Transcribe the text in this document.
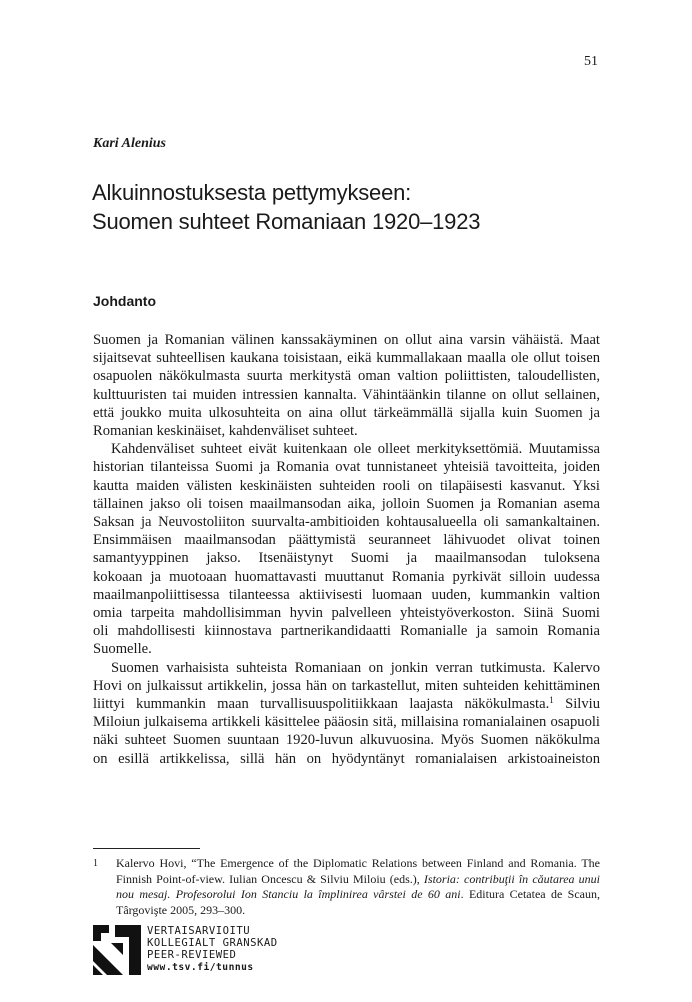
51
Kari Alenius
Alkuinnostuksesta pettymykseen:
Suomen suhteet Romaniaan 1920–1923
Johdanto

Suomen ja Romanian välinen kanssakäyminen on ollut aina varsin vähäistä. Maat

sijaitsevat suhteellisen kaukana toisistaan, eikä kummallakaan maalla ole ollut toisen

osapuolen näkökulmasta suurta merkitystä oman valtion poliittisten, taloudellisten,

kulttuuristen tai muiden intressien kannalta. Vähintäänkin tilanne on ollut sellainen,

että joukko muita ulkosuhteita on aina ollut tärkeämmällä sijalla kuin Suomen ja

Romanian keskinäiset, kahdenväliset suhteet.

Kahdenväliset suhteet eivät kuitenkaan ole olleet merkityksettömiä. Muutamissa

historian tilanteissa Suomi ja Romania ovat tunnistaneet yhteisiä tavoitteita, joiden

kautta maiden välisten keskinäisten suhteiden rooli on tilapäisesti kasvanut. Yksi

tällainen jakso oli toisen maailmansodan aika, jolloin Suomen ja Romanian asema

Saksan ja Neuvostoliiton suurvalta-ambitioiden kohtausalueella oli samankaltainen.

Ensimmäisen maailmansodan päättymistä seuranneet lähivuodet olivat toinen

samantyyppinen jakso. Itsenäistynyt Suomi ja maailmansodan tuloksena

kokoaan ja muotoaan huomattavasti muuttanut Romania pyrkivät silloin uudessa

maailmanpoliittisessa tilanteessa aktiivisesti luomaan uuden, kummankin valtion

omia tarpeita mahdollisimman hyvin palvelleen yhteistyöverkoston. Siinä Suomi

oli mahdollisesti kiinnostava partnerikandidaatti Romanialle ja samoin Romania

Suomelle.

Suomen varhaisista suhteista Romaniaan on jonkin verran tutkimusta. Kalervo

Hovi on julkaissut artikkelin, jossa hän on tarkastellut, miten suhteiden kehittäminen

liittyi kummankin maan turvallisuuspolitiikkaan laajasta näkökulmasta.$^1$ Silviu

Miloiun julkaisema artikkeli käsittelee pääosin sitä, millaisina romanialainen osapuoli

näki suhteet Suomen suuntaan 1920-luvun alkuvuosina. Myös Suomen näkökulma

on esillä artikkelissa, sillä hän on hyödyntänyt romanialaisen arkistoaineiston

1 Kalervo Hovi, “The Emergence of the Diplomatic Relations between Finland and Romania. The Finnish Point-of-view. Iulian Oncescu & Silviu Miloiu (eds.), Istoria: contribuţii în căutarea unui nou mesaj. Profesorolui Ion Stanciu la împlinirea vârstei de 60 ani. Editura Cetatea de Scaun, Târgovişte 2005, 293–300.
VERTAISARVIOITU
KOLLEGIALT GRANSKAD
PEER-REVIEWED
www.tsv.fi/tunnus
